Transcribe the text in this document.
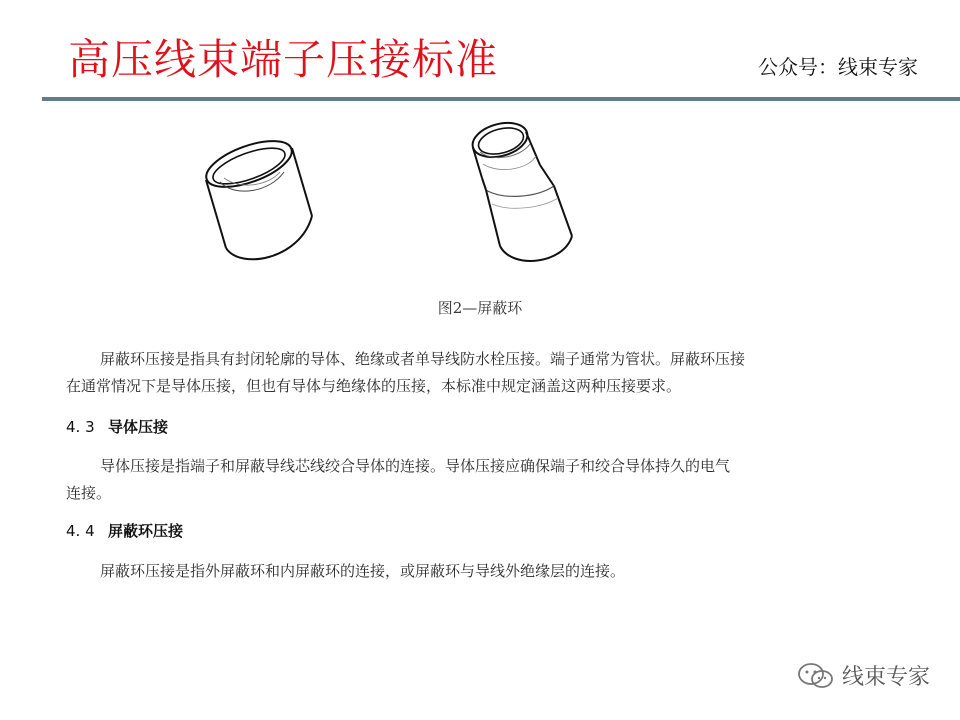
高压线束端子压接标准	公众号：线束专家
图2—屏蔽环
屏蔽环压接是指具有封闭轮廓的导体、绝缘或者单导线防水栓压接。端子通常为管状。屏蔽环压接
在通常情况下是导体压接，但也有导体与绝缘体的压接，本标准中规定涵盖这两种压接要求。
4. 3 导体压接
导体压接是指端子和屏蔽导线芯线绞合导体的连接。导体压接应确保端子和绞合导体持久的电气
连接。
4. 4 屏蔽环压接
屏蔽环压接是指外屏蔽环和内屏蔽环的连接，或屏蔽环与导线外绝缘层的连接。
线束专家
